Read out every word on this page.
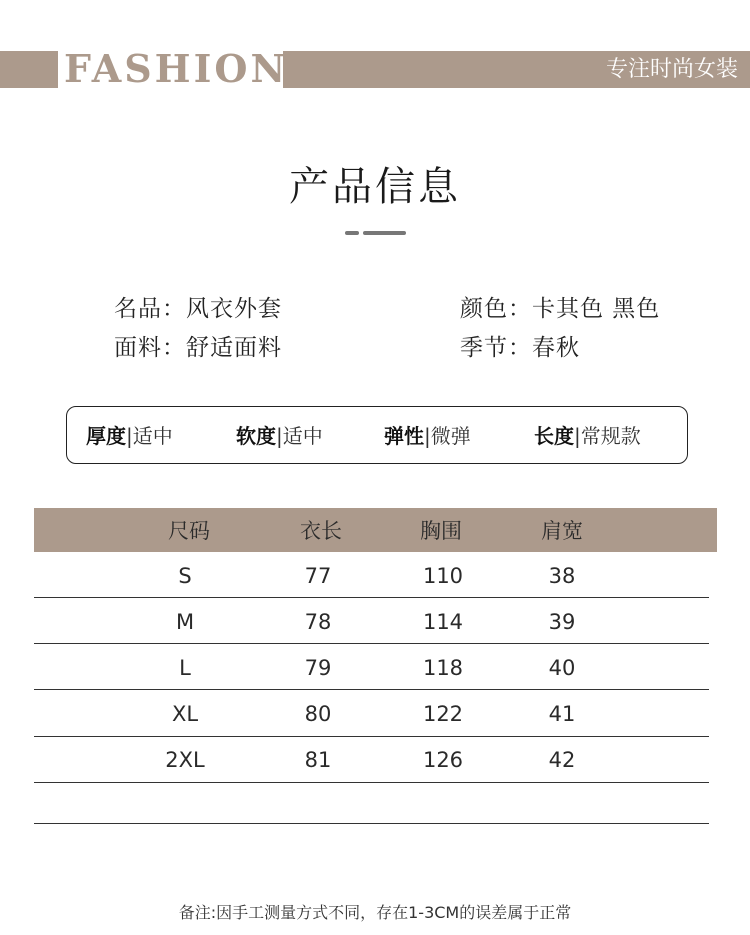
FASHION	专注时尚女装
产品信息
名品：风衣外套
面料：舒适面料
颜色：卡其色 黑色
季节：春秋
厚度|适中	软度|适中	弹性|微弹	长度|常规款
尺码	衣长	胸围	肩宽
S	77	110	38
M	78	114	39
L	79	118	40
XL	80	122	41
2XL	81	126	42
备注:因手工测量方式不同，存在1-3CM的误差属于正常
